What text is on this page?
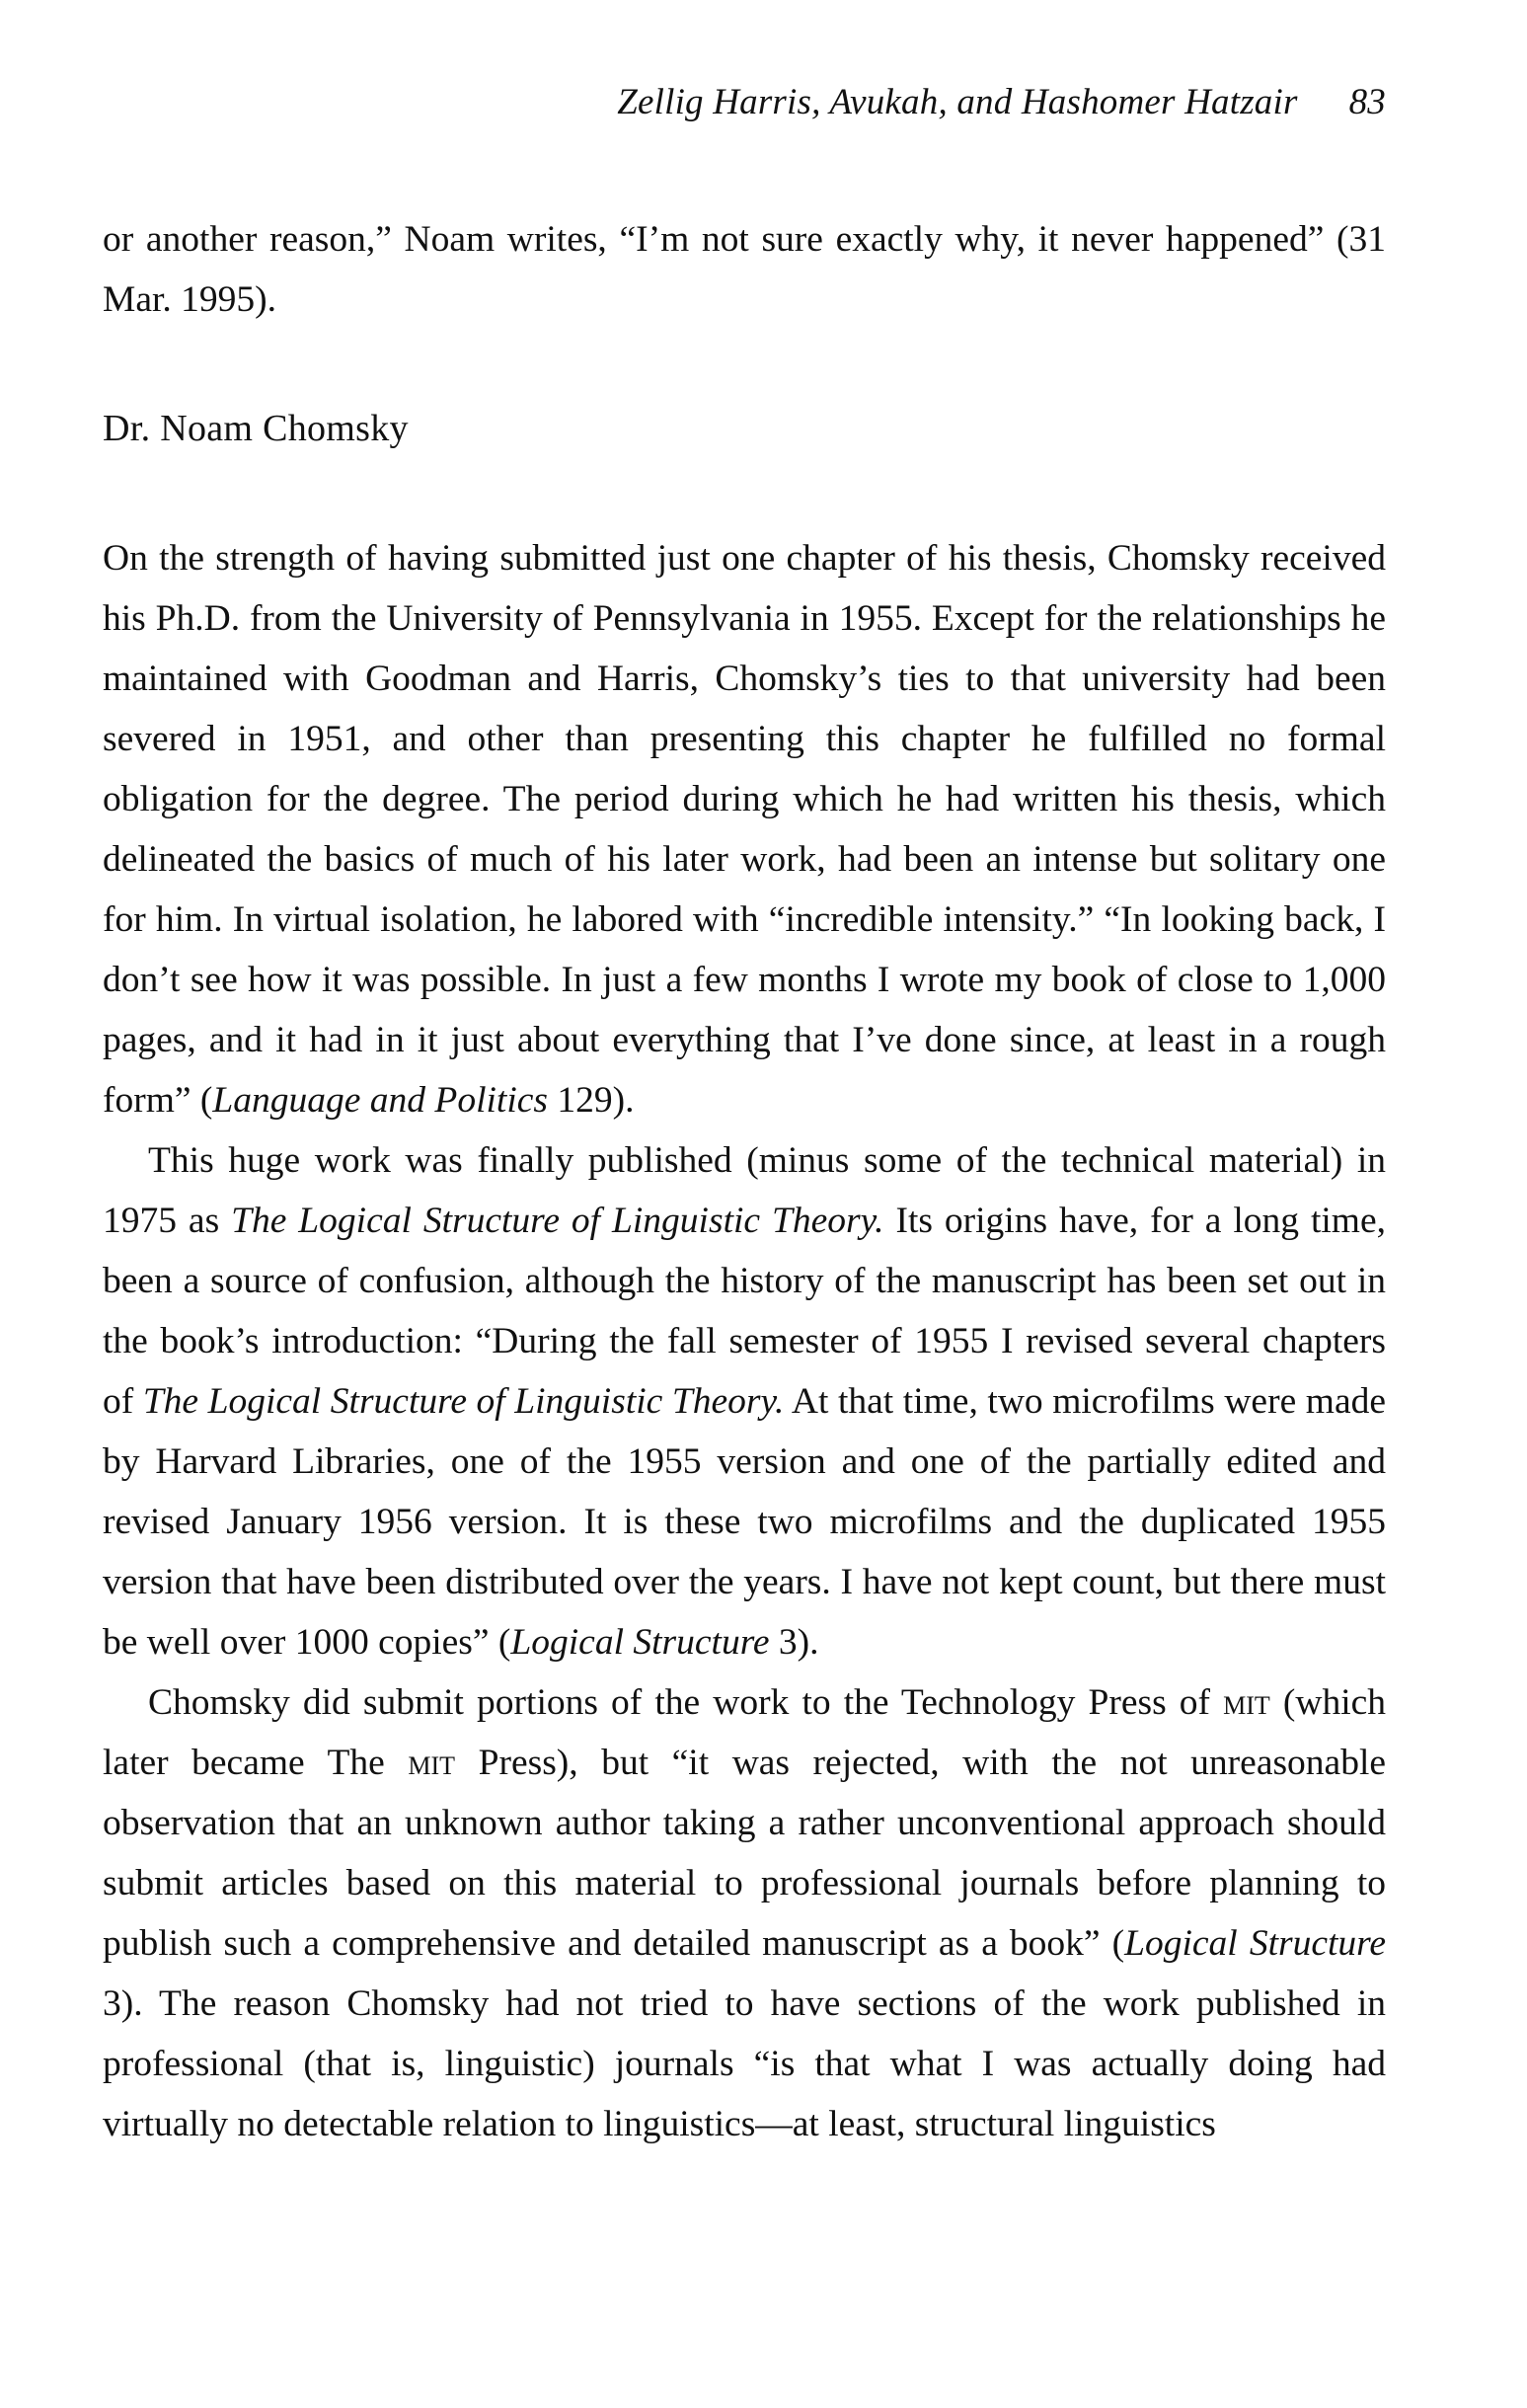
Zellig Harris, Avukah, and Hashomer Hatzair 83

or another reason,” Noam writes, “I’m not sure exactly why, it never happened” (31 Mar. 1995).

Dr. Noam Chomsky

On the strength of having submitted just one chapter of his thesis, Chomsky received his Ph.D. from the University of Pennsylvania in 1955. Except for the relationships he maintained with Goodman and Harris, Chomsky’s ties to that university had been severed in 1951, and other than presenting this chapter he fulfilled no formal obligation for the degree. The period during which he had written his thesis, which delineated the basics of much of his later work, had been an intense but solitary one for him. In virtual isolation, he labored with “incredible intensity.” “In looking back, I don’t see how it was possible. In just a few months I wrote my book of close to 1,000 pages, and it had in it just about everything that I’ve done since, at least in a rough form” (Language and Politics 129).

This huge work was finally published (minus some of the technical material) in 1975 as The Logical Structure of Linguistic Theory. Its origins have, for a long time, been a source of confusion, although the history of the manuscript has been set out in the book’s introduction: “During the fall semester of 1955 I revised several chapters of The Logical Structure of Linguistic Theory. At that time, two microfilms were made by Harvard Libraries, one of the 1955 version and one of the partially edited and revised January 1956 version. It is these two microfilms and the duplicated 1955 version that have been distributed over the years. I have not kept count, but there must be well over 1000 copies” (Logical Structure 3).

Chomsky did submit portions of the work to the Technology Press of mit (which later became The mit Press), but “it was rejected, with the not unreasonable observation that an unknown author taking a rather unconventional approach should submit articles based on this material to professional journals before planning to publish such a comprehensive and detailed manuscript as a book” (Logical Structure 3). The reason Chomsky had not tried to have sections of the work published in professional (that is, linguistic) journals “is that what I was actually doing had virtually no detectable relation to linguistics—at least, structural linguistics
